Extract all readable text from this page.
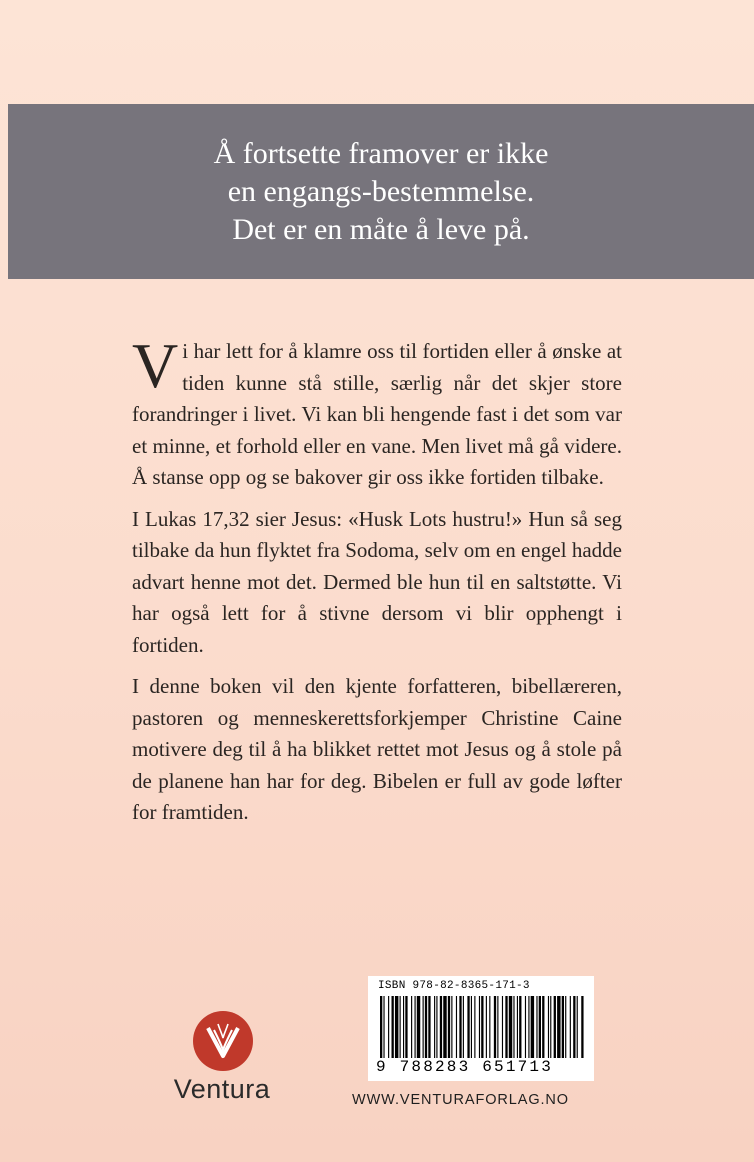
Å fortsette framover er ikke
en engangs-bestemmelse.
Det er en måte å leve på.

Vi har lett for å klamre oss til fortiden eller å ønske at tiden kunne stå stille, særlig når det skjer store forandringer i livet. Vi kan bli hengende fast i det som var et minne, et forhold eller en vane. Men livet må gå videre. Å stanse opp og se bakover gir oss ikke fortiden tilbake.

I Lukas 17,32 sier Jesus: «Husk Lots hustru!» Hun så seg tilbake da hun flyktet fra Sodoma, selv om en engel hadde advart henne mot det. Dermed ble hun til en saltstøtte. Vi har også lett for å stivne dersom vi blir opphengt i fortiden.

I denne boken vil den kjente forfatteren, bibellæreren, pastoren og menneskerettsforkjemper Christine Caine motivere deg til å ha blikket rettet mot Jesus og å stole på de planene han har for deg. Bibelen er full av gode løfter for framtiden.

Ventura
ISBN 978-82-8365-171-3
9 788283 651713
WWW.VENTURAFORLAG.NO
